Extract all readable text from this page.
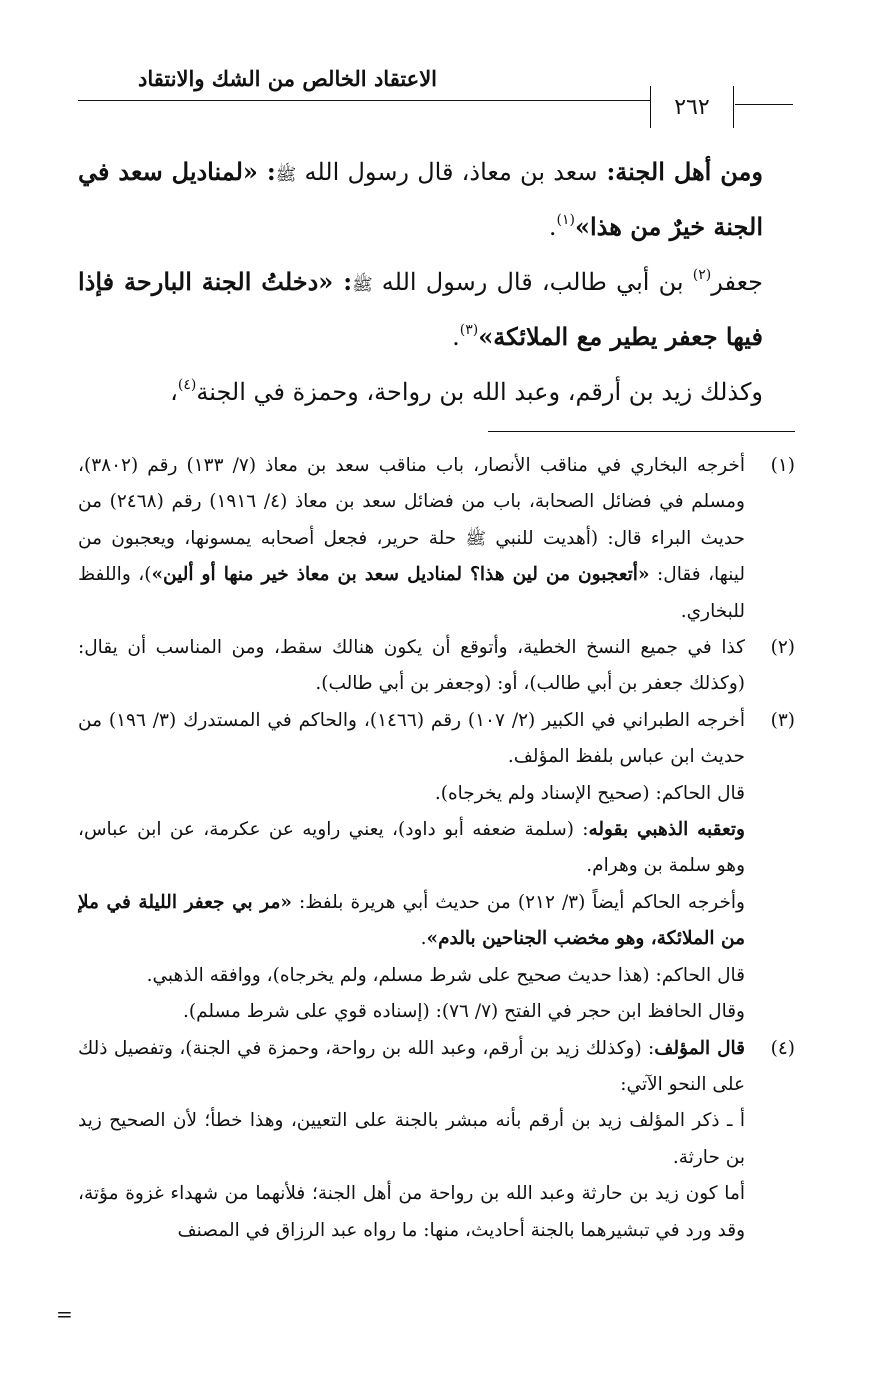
الاعتقاد الخالص من الشك والانتقاد
٢٦٢

ومن أهل الجنة: سعد بن معاذ، قال رسول الله ﷺ: «لمناديل سعد في الجنة خيرٌ من هذا»$^{(١)}$.

جعفر$^{(٢)}$ بن أبي طالب، قال رسول الله ﷺ: «دخلتُ الجنة البارحة فإذا فيها جعفر يطير مع الملائكة»$^{(٣)}$.

وكذلك زيد بن أرقم، وعبد الله بن رواحة، وحمزة في الجنة$^{(٤)}$،

(١)

أخرجه البخاري في مناقب الأنصار، باب مناقب سعد بن معاذ (٧/ ١٣٣) رقم (٣٨٠٢)، ومسلم في فضائل الصحابة، باب من فضائل سعد بن معاذ (٤/ ١٩١٦) رقم (٢٤٦٨) من حديث البراء قال: (أهديت للنبي ﷺ حلة حرير، فجعل أصحابه يمسونها، ويعجبون من لينها، فقال: «أتعجبون من لين هذا؟ لمناديل سعد بن معاذ خير منها أو ألين»)، واللفظ للبخاري.

(٢)

كذا في جميع النسخ الخطية، وأتوقع أن يكون هنالك سقط، ومن المناسب أن يقال: (وكذلك جعفر بن أبي طالب)، أو: (وجعفر بن أبي طالب).

(٣)

أخرجه الطبراني في الكبير (٢/ ١٠٧) رقم (١٤٦٦)، والحاكم في المستدرك (٣/ ١٩٦) من حديث ابن عباس بلفظ المؤلف.

قال الحاكم: (صحيح الإسناد ولم يخرجاه).

وتعقبه الذهبي بقوله: (سلمة ضعفه أبو داود)، يعني راويه عن عكرمة، عن ابن عباس، وهو سلمة بن وهرام.

وأخرجه الحاكم أيضاً (٣/ ٢١٢) من حديث أبي هريرة بلفظ: «مر بي جعفر الليلة في ملإ من الملائكة، وهو مخضب الجناحين بالدم».

قال الحاكم: (هذا حديث صحيح على شرط مسلم، ولم يخرجاه)، ووافقه الذهبي.

وقال الحافظ ابن حجر في الفتح (٧/ ٧٦): (إسناده قوي على شرط مسلم).

(٤)

قال المؤلف: (وكذلك زيد بن أرقم، وعبد الله بن رواحة، وحمزة في الجنة)، وتفصيل ذلك على النحو الآتي:

أ ـ ذكر المؤلف زيد بن أرقم بأنه مبشر بالجنة على التعيين، وهذا خطأ؛ لأن الصحيح زيد بن حارثة.

أما كون زيد بن حارثة وعبد الله بن رواحة من أهل الجنة؛ فلأنهما من شهداء غزوة مؤتة، وقد ورد في تبشيرهما بالجنة أحاديث، منها: ما رواه عبد الرزاق في المصنف

=
